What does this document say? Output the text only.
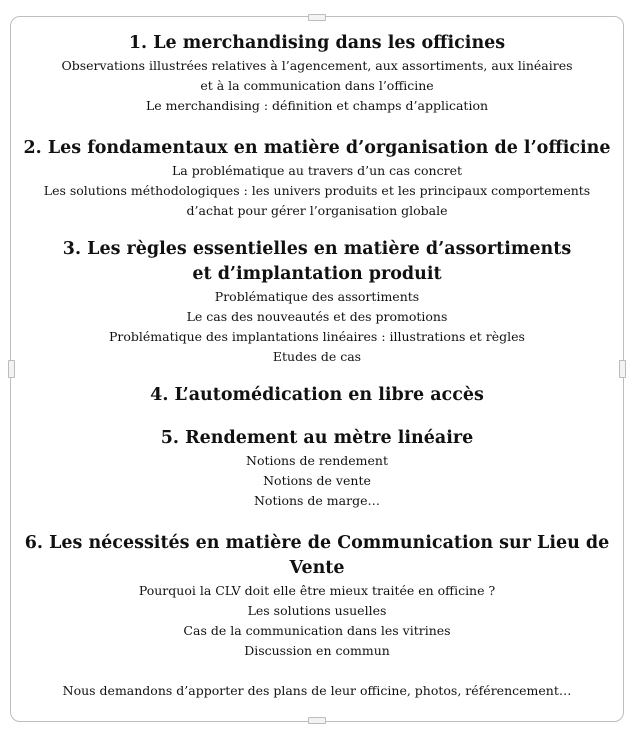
1. Le merchandising dans les officines

Observations illustrées relatives à l’agencement, aux assortiments, aux linéaires

et à la communication dans l’officine

Le merchandising : définition et champs d’application

2. Les fondamentaux en matière d’organisation de l’officine

La problématique au travers d’un cas concret

Les solutions méthodologiques : les univers produits et les principaux comportements

d’achat pour gérer l’organisation globale

3. Les règles essentielles en matière d’assortiments

et d’implantation produit

Problématique des assortiments

Le cas des nouveautés et des promotions

Problématique des implantations linéaires : illustrations et règles

Etudes de cas

4. L’automédication en libre accès

5. Rendement au mètre linéaire

Notions de rendement

Notions de vente

Notions de marge…

6. Les nécessités en matière de Communication sur Lieu de

Vente

Pourquoi la CLV doit elle être mieux traitée en officine ?

Les solutions usuelles

Cas de la communication dans les vitrines

Discussion en commun

Nous demandons d’apporter des plans de leur officine, photos, référencement…
